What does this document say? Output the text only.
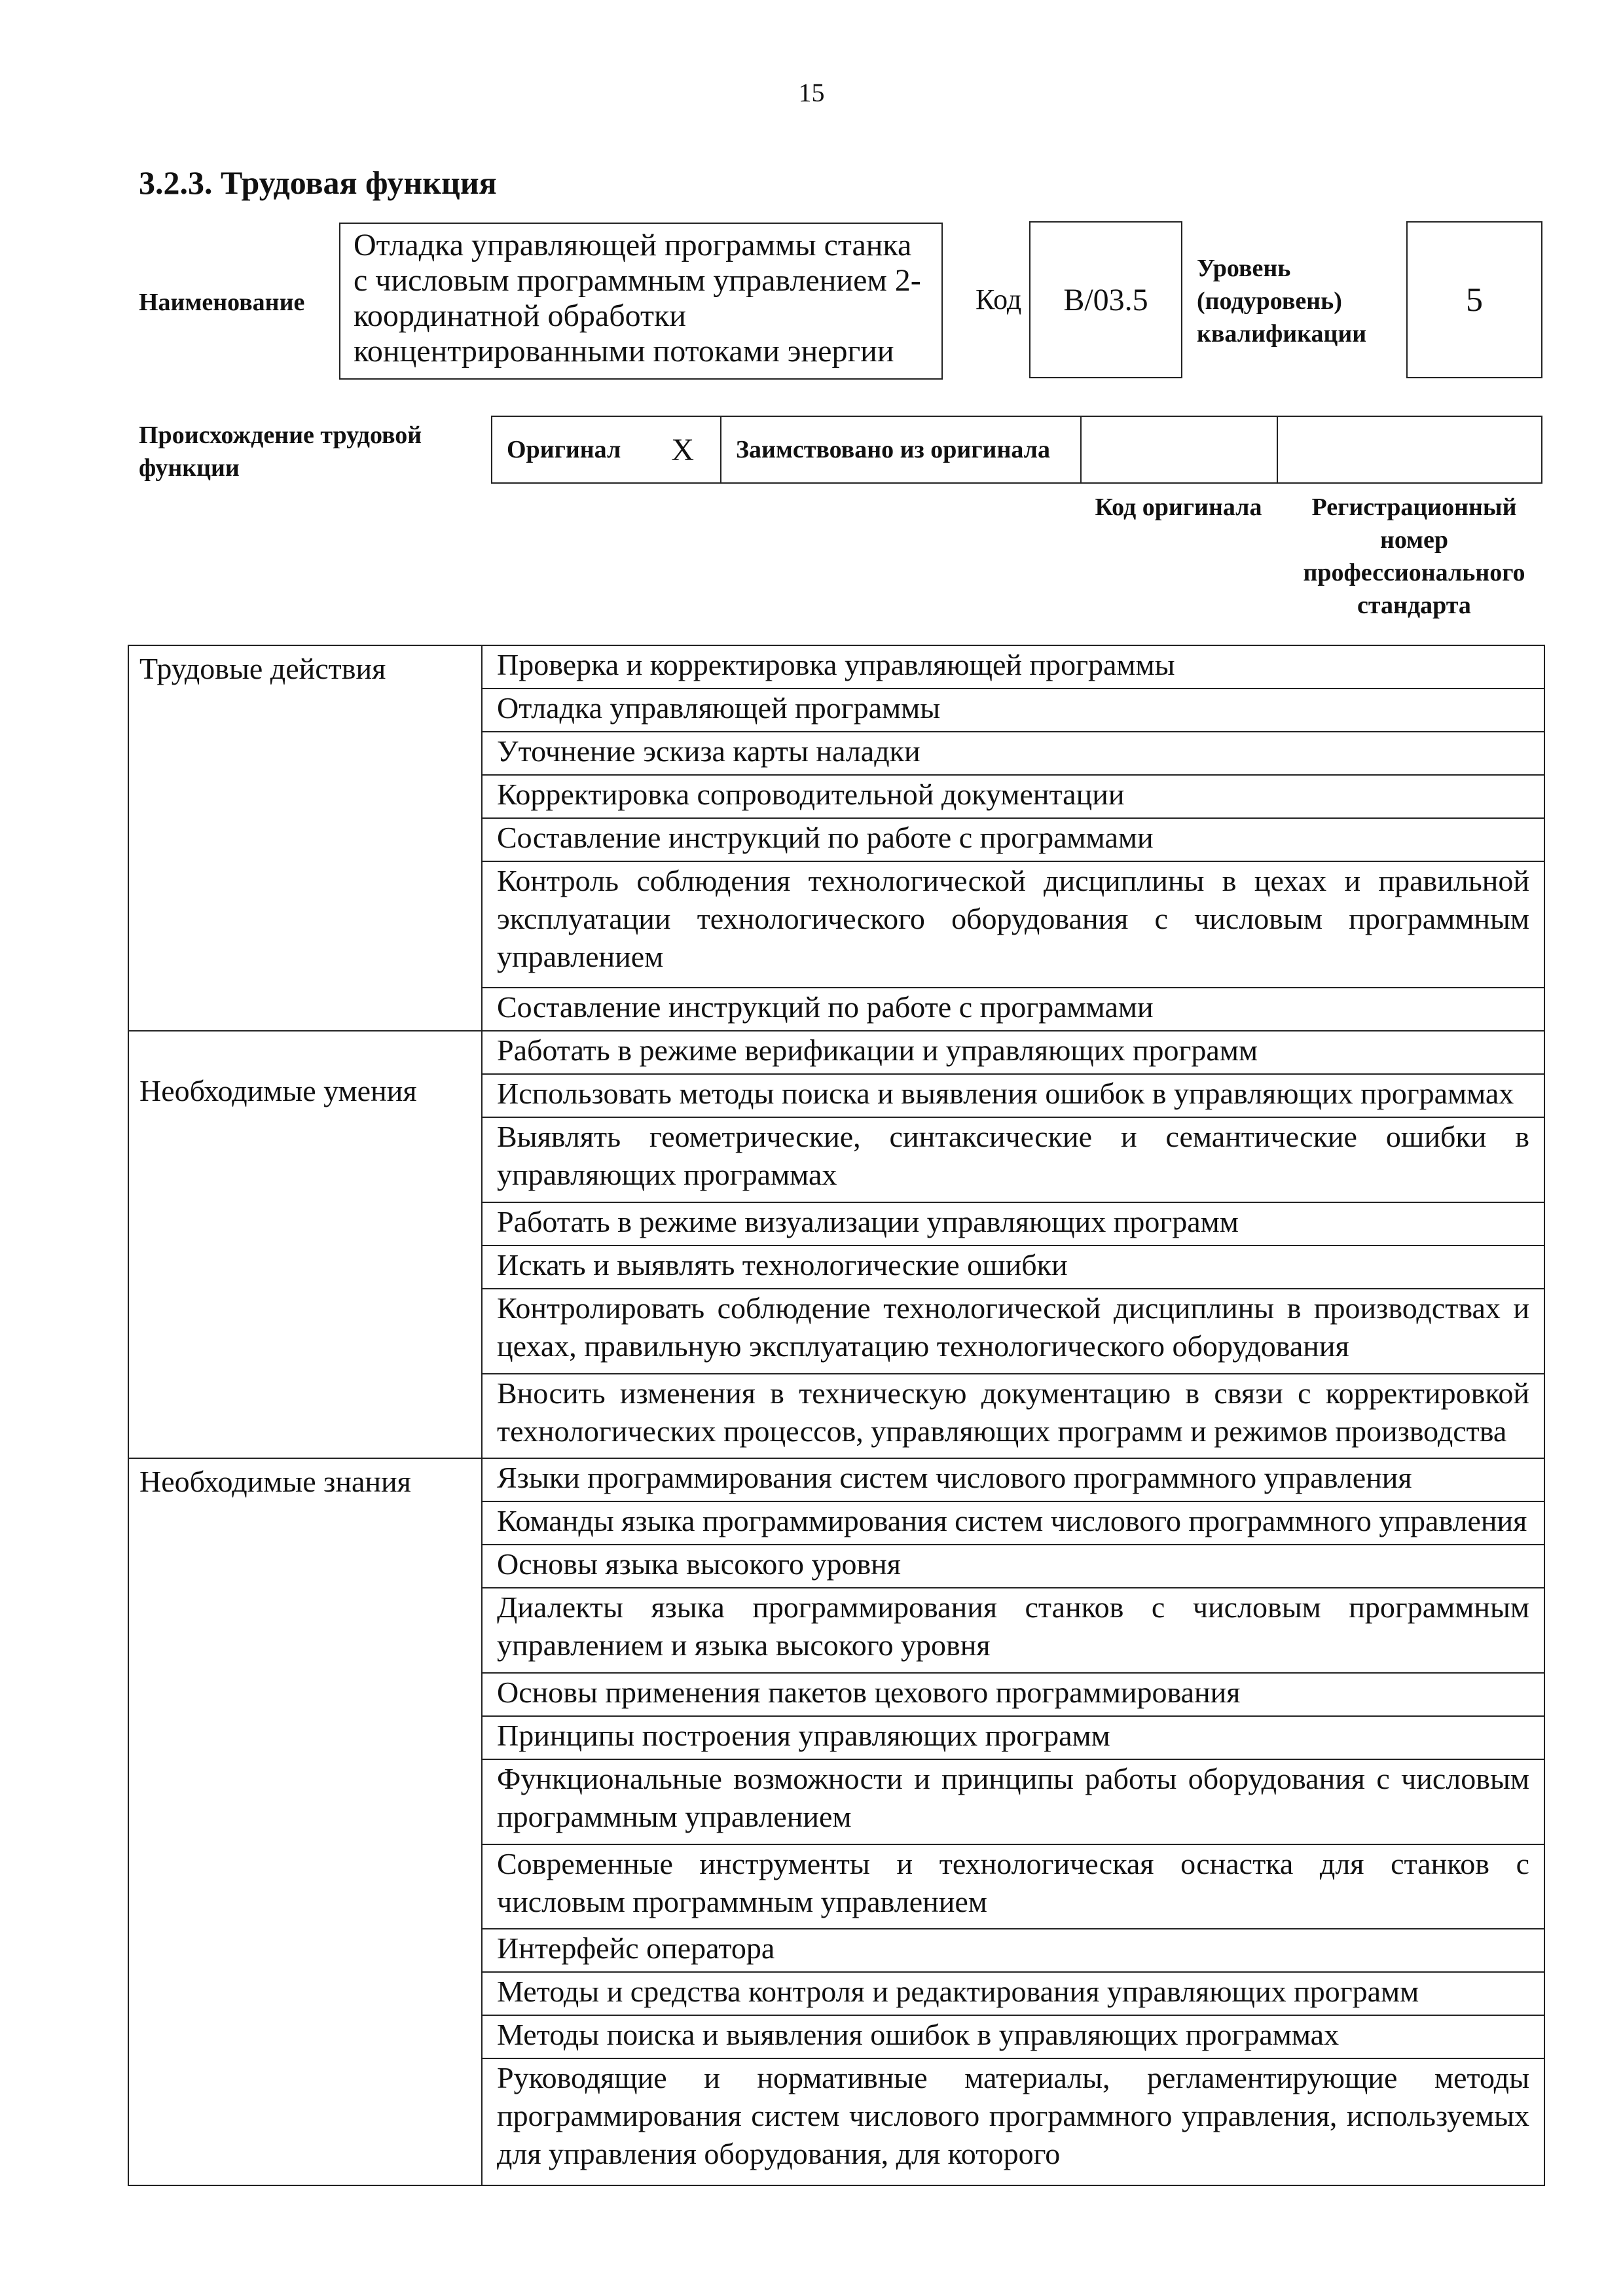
15
3.2.3. Трудовая функция
Наименование
Отладка управляющей программы станка с числовым программным управлением 2-координатной обработки концентрированными потоками энергии
Код	B/03.5
Уровень (подуровень) квалификации
5
Происхождение трудовой функции
Оригинал X Заимствовано из оригинала
Код оригинала	Регистрационный номер профессионального стандарта
Трудовые действия	Проверка и корректировка управляющей программы
	Отладка управляющей программы
	Уточнение эскиза карты наладки
	Корректировка сопроводительной документации
	Составление инструкций по работе с программами
	Контроль соблюдения технологической дисциплины в цехах и правильной эксплуатации технологического оборудования с числовым программным управлением
	Составление инструкций по работе с программами
Необходимые умения	Работать в режиме верификации и управляющих программ
	Использовать методы поиска и выявления ошибок в управляющих программах
	Выявлять геометрические, синтаксические и семантические ошибки в управляющих программах
	Работать в режиме визуализации управляющих программ
	Искать и выявлять технологические ошибки
	Контролировать соблюдение технологической дисциплины в производствах и цехах, правильную эксплуатацию технологического оборудования
	Вносить изменения в техническую документацию в связи с корректировкой технологических процессов, управляющих программ и режимов производства
Необходимые знания	Языки программирования систем числового программного управления
	Команды языка программирования систем числового программного управления
	Основы языка высокого уровня
	Диалекты языка программирования станков с числовым программным управлением и языка высокого уровня
	Основы применения пакетов цехового программирования
	Принципы построения управляющих программ
	Функциональные возможности и принципы работы оборудования с числовым программным управлением
	Современные инструменты и технологическая оснастка для станков с числовым программным управлением
	Интерфейс оператора
	Методы и средства контроля и редактирования управляющих программ
	Методы поиска и выявления ошибок в управляющих программах
	Руководящие и нормативные материалы, регламентирующие методы программирования систем числового программного управления, используемых для управления оборудования, для которого
